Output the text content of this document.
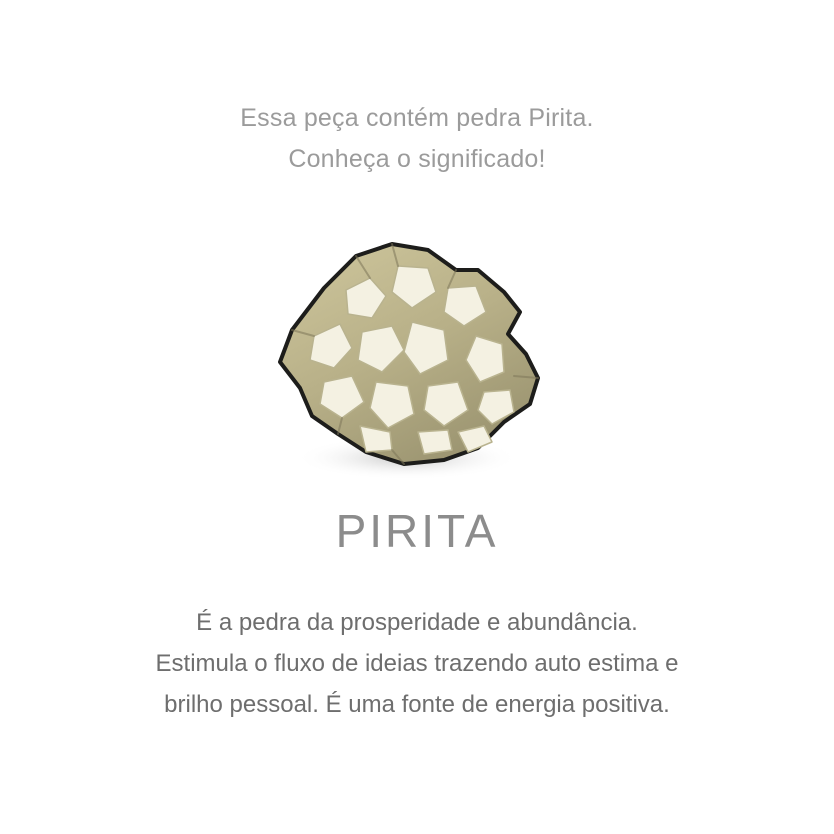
Essa peça contém pedra Pirita.
Conheça o significado!
PIRITA
É a pedra da prosperidade e abundância.
Estimula o fluxo de ideias trazendo auto estima e
brilho pessoal. É uma fonte de energia positiva.
